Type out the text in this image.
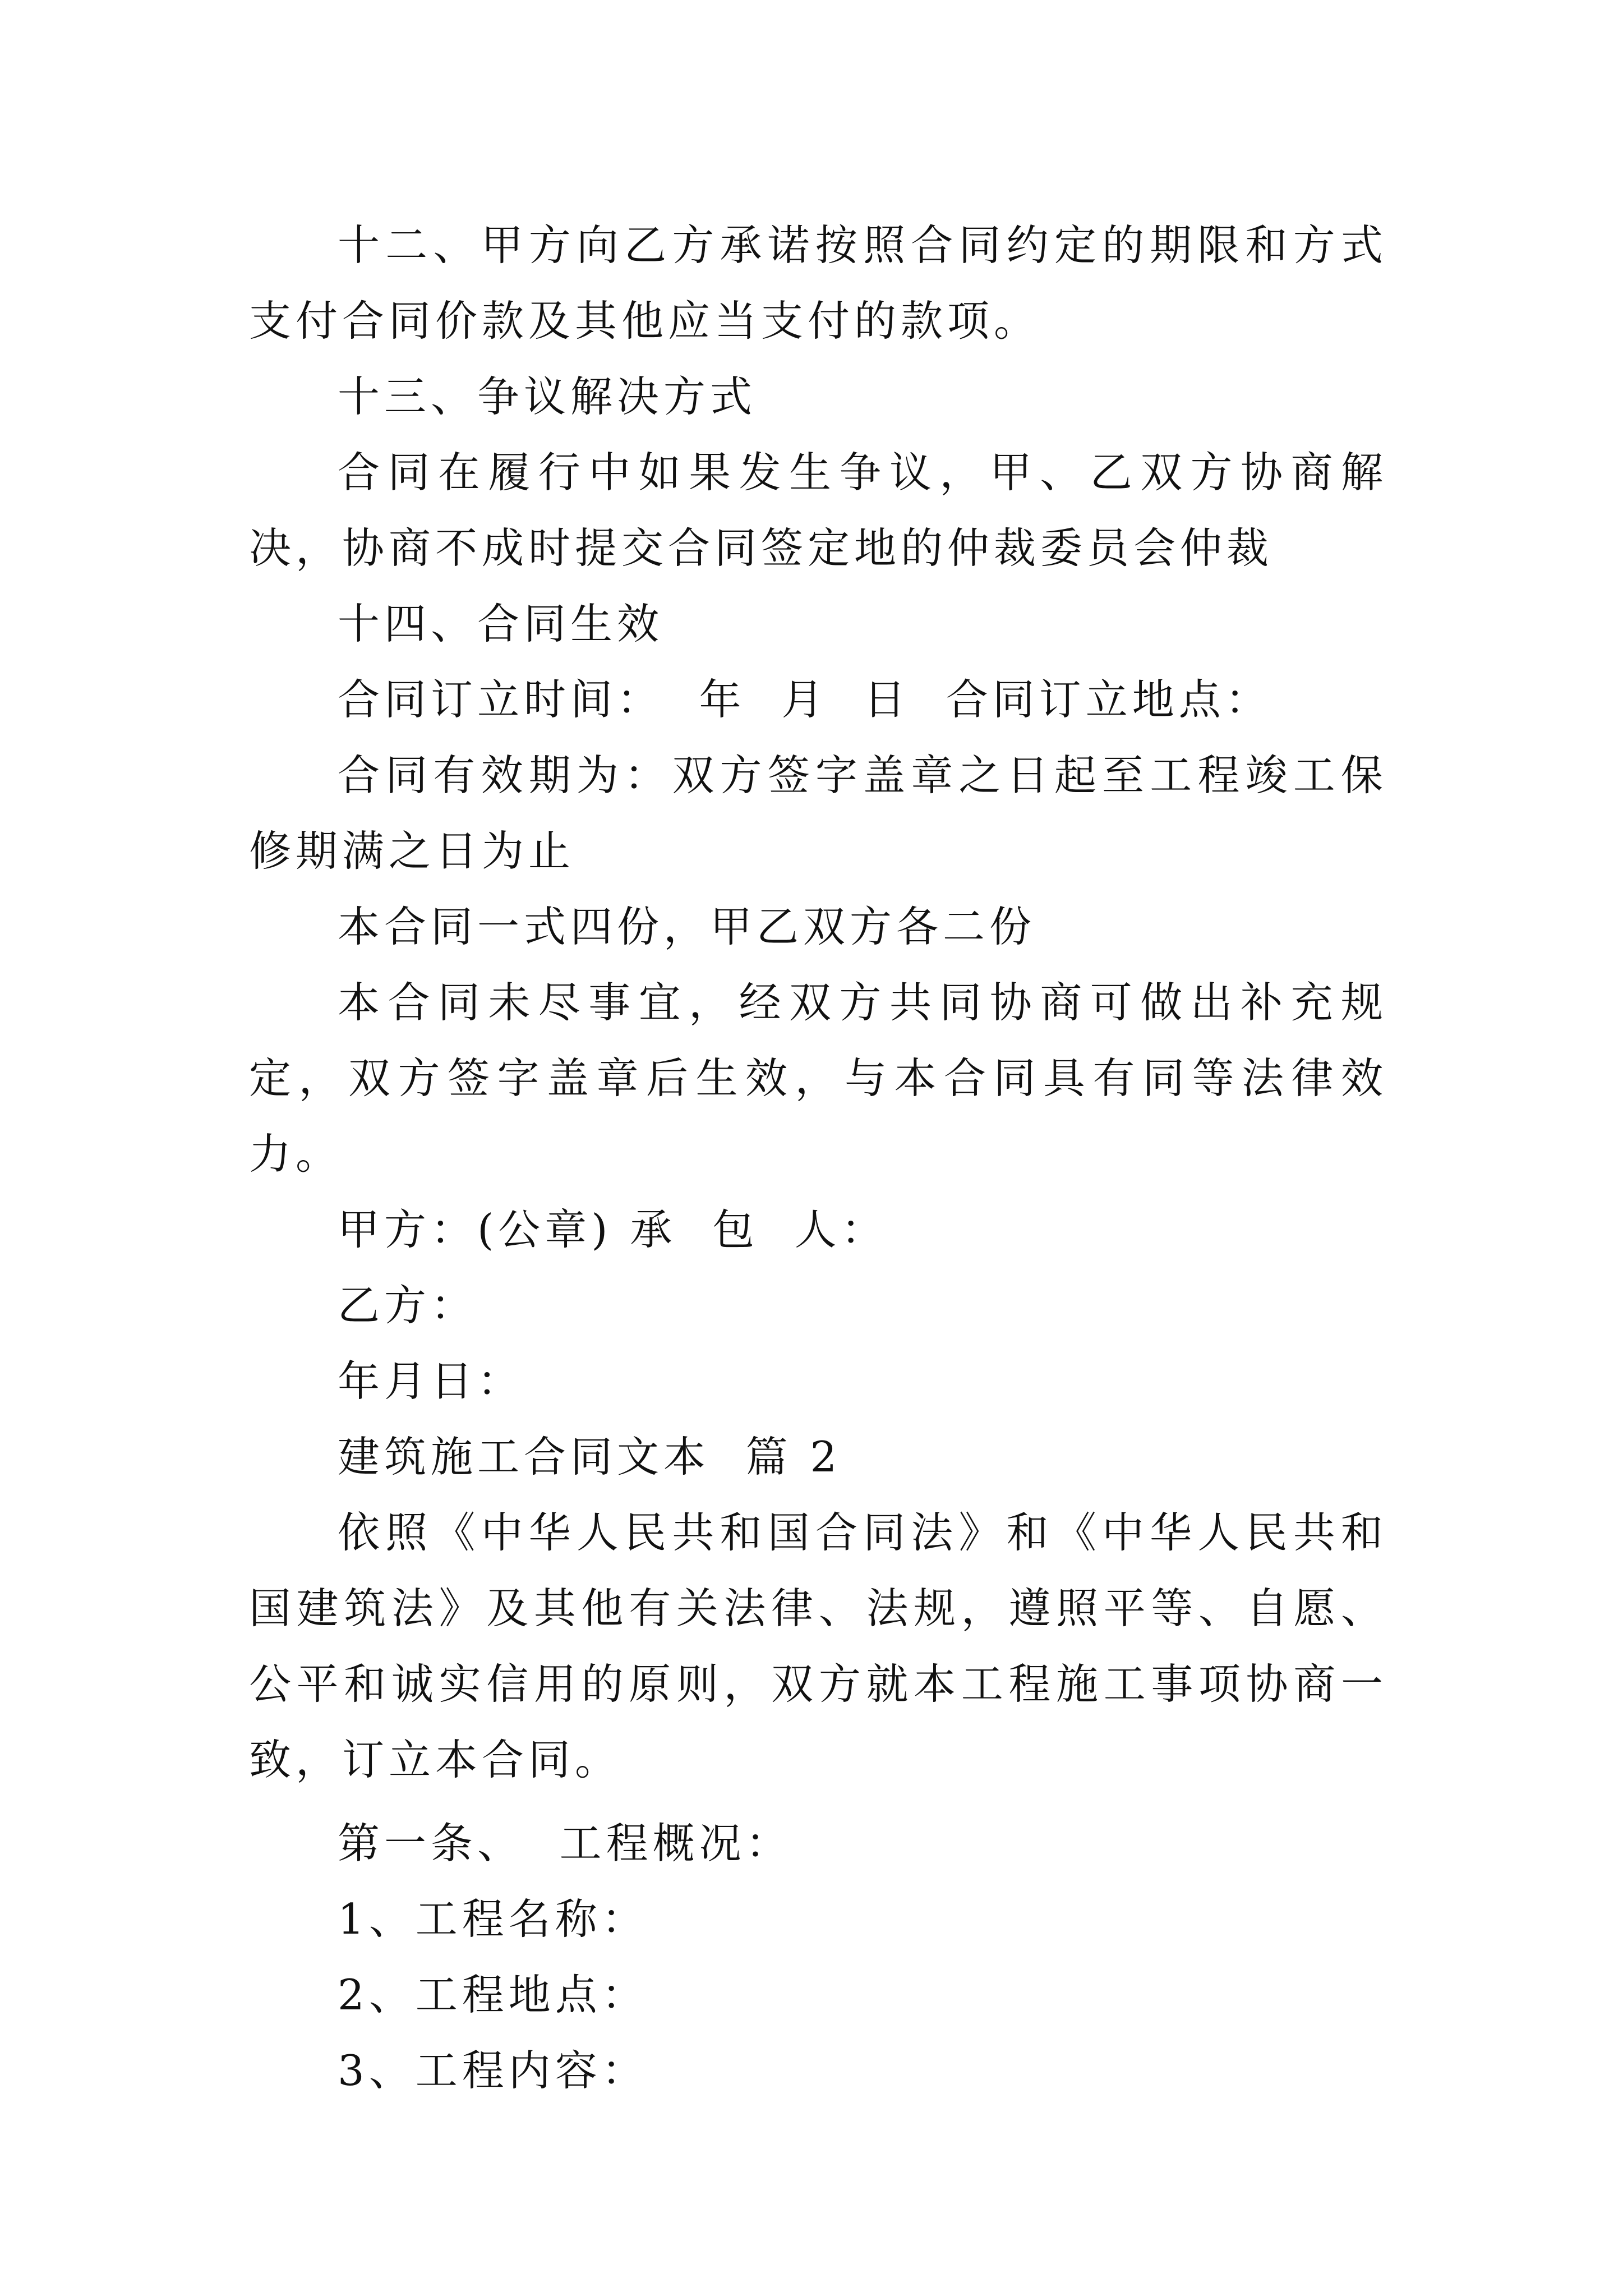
十二、甲方向乙方承诺按照合同约定的期限和方式支付合同价款及其他应当支付的款项。

十三、争议解决方式

合同在履行中如果发生争议，甲、乙双方协商解决，协商不成时提交合同签定地的仲裁委员会仲裁

十四、合同生效

合同订立时间：  年  月  日  合同订立地点：

合同有效期为：双方签字盖章之日起至工程竣工保修期满之日为止

本合同一式四份，甲乙双方各二份

本合同未尽事宜，经双方共同协商可做出补充规定，双方签字盖章后生效，与本合同具有同等法律效力。

甲方：(公章) 承  包  人：

乙方：

年月日：

建筑施工合同文本  篇 2

依照《中华人民共和国合同法》和《中华人民共和国建筑法》及其他有关法律、法规，遵照平等、自愿、公平和诚实信用的原则，双方就本工程施工事项协商一致，订立本合同。

第一条、  工程概况：

1、工程名称：

2、工程地点：

3、工程内容：
